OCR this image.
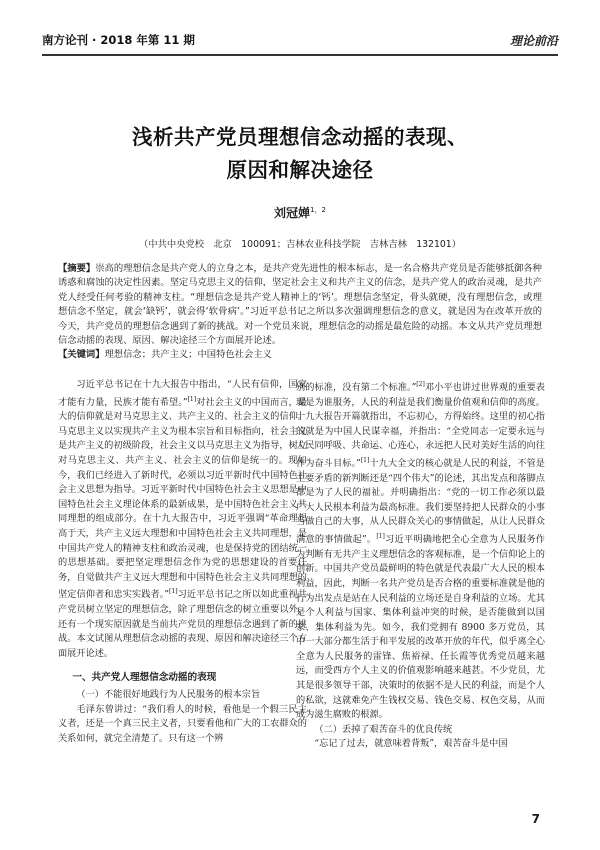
南方论刊 · 2018 年第 11 期	理论前沿
浅析共产党员理想信念动摇的表现、
原因和解决途径
刘冠婵$^{1,2}$
（中共中央党校　北京　100091；吉林农业科技学院　吉林吉林　132101）
【摘要】崇高的理想信念是共产党人的立身之本，是共产党先进性的根本标志，是一名合格共产党员是否能够抵御各种诱惑和腐蚀的决定性因素。坚定马克思主义的信仰，坚定社会主义和共产主义的信念，是共产党人的政治灵魂，是共产党人经受任何考验的精神支柱。“理想信念是共产党人精神上的‘钙’。理想信念坚定，骨头就硬，没有理想信念，或理想信念不坚定，就会‘缺钙’，就会得‘软骨病’。”习近平总书记之所以多次强调理想信念的意义，就是因为在改革开放的今天，共产党员的理想信念遇到了新的挑战。对一个党员来说，理想信念的动摇是最危险的动摇。本文从共产党员理想信念动摇的表现、原因、解决途径三个方面展开论述。
【关键词】理想信念；共产主义；中国特色社会主义

习近平总书记在十九大报告中指出，“人民有信仰，国家才能有力量，民族才能有希望。”[1]对社会主义的中国而言，最大的信仰就是对马克思主义、共产主义的、社会主义的信仰。马克思主义以实现共产主义为根本宗旨和目标指向，社会主义是共产主义的初级阶段，社会主义以马克思主义为指导，树立对马克思主义、共产主义、社会主义的信仰是统一的。现如今，我们已经进入了新时代，必须以习近平新时代中国特色社会主义思想为指导。习近平新时代中国特色社会主义思想是中国特色社会主义理论体系的最新成果，是中国特色社会主义共同理想的组成部分。在十九大报告中，习近平强调“革命理想高于天，共产主义远大理想和中国特色社会主义共同理想，是中国共产党人的精神支柱和政治灵魂，也是保持党的团结统一的思想基础。要把坚定理想信念作为党的思想建设的首要任务，自觉做共产主义远大理想和中国特色社会主义共同理想的坚定信仰者和忠实实践者。”[1]习近平总书记之所以如此重视共产党员树立坚定的理想信念，除了理想信念的树立重要以外，还有一个现实原因就是当前共产党员的理想信念遇到了新的挑战。本文试图从理想信念动摇的表现、原因和解决途径三个方面展开论述。

一、共产党人理想信念动摇的表现

（一）不能很好地践行为人民服务的根本宗旨

毛泽东曾讲过：“我们看人的时候，看他是一个假三民主义者，还是一个真三民主义者，只要看他和广大的工农群众的关系如何，就完全清楚了。只有这一个辨

别的标准，没有第二个标准。”[2]邓小平也讲过世界观的重要表现是为谁服务，人民的利益是我们衡量价值观和信仰的高度。十九大报告开篇就指出，不忘初心，方得始终。这里的初心指的就是为中国人民谋幸福，并指出：“全党同志一定要永远与人民同呼吸、共命运、心连心，永远把人民对美好生活的向往作为奋斗目标。”[1]十九大全文的核心就是人民的利益，不管是主要矛盾的新判断还是“四个伟大”的论述，其出发点和落脚点都是为了人民的福祉。并明确指出：“党的一切工作必须以最广大人民根本利益为最高标准。我们要坚持把人民群众的小事当做自己的大事，从人民群众关心的事情做起，从让人民群众满意的事情做起”。[1]习近平明确地把全心全意为人民服务作为判断有无共产主义理想信念的客观标准，是一个信仰论上的创新。中国共产党员最鲜明的特色就是代表最广大人民的根本利益，因此，判断一名共产党员是否合格的重要标准就是他的行为出发点是站在人民利益的立场还是自身利益的立场。尤其是个人利益与国家、集体利益冲突的时候，是否能做到以国家、集体利益为先。如今，我们党拥有 8900 多万党员，其中一大部分都生活于和平发展的改革开放的年代，似乎离全心全意为人民服务的雷锋、焦裕禄、任长霞等优秀党员越来越远，而受西方个人主义的价值观影响越来越甚。不少党员，尤其是很多领导干部，决策时的依据不是人民的利益，而是个人的私欲，这就难免产生钱权交易、钱色交易、权色交易，从而成为滋生腐败的根源。

（二）丢掉了艰苦奋斗的优良传统

“忘记了过去，就意味着背叛”，艰苦奋斗是中国

7
